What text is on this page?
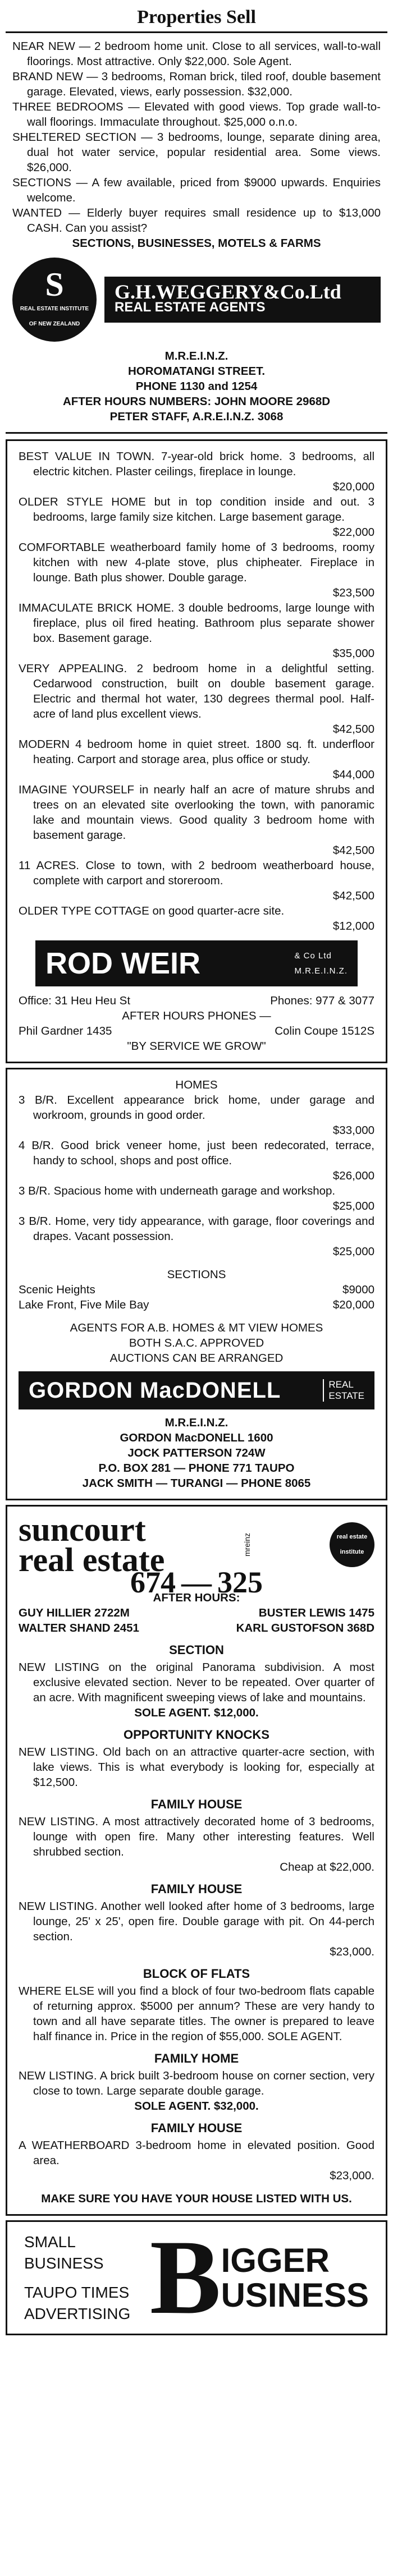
Properties Sell

NEAR NEW — 2 bedroom home unit. Close to all services, wall-to-wall floorings. Most attractive. Only $22,000. Sole Agent.

BRAND NEW — 3 bedrooms, Roman brick, tiled roof, double basement garage. Elevated, views, early possession. $32,000.

THREE BEDROOMS — Elevated with good views. Top grade wall-to-wall floorings. Immaculate throughout. $25,000 o.n.o.

SHELTERED SECTION — 3 bedrooms, lounge, separate dining area, dual hot water service, popular residential area. Some views. $26,000.

SECTIONS — A few available, priced from $9000 upwards. Enquiries welcome.

WANTED — Elderly buyer requires small residence up to $13,000 CASH. Can you assist?

SECTIONS, BUSINESSES, MOTELS & FARMS
S
REAL ESTATE INSTITUTE OF NEW ZEALAND
G.H.WEGGERY&Co.Ltd
REAL ESTATE AGENTS
M.R.E.I.N.Z.
HOROMATANGI STREET.
PHONE 1130 and 1254
AFTER HOURS NUMBERS: JOHN MOORE 2968D
PETER STAFF, A.R.E.I.N.Z. 3068

BEST VALUE IN TOWN. 7-year-old brick home. 3 bedrooms, all electric kitchen. Plaster ceilings, fireplace in lounge.

$20,000

OLDER STYLE HOME but in top condition inside and out. 3 bedrooms, large family size kitchen. Large basement garage.

$22,000

COMFORTABLE weatherboard family home of 3 bedrooms, roomy kitchen with new 4-plate stove, plus chipheater. Fireplace in lounge. Bath plus shower. Double garage.

$23,500

IMMACULATE BRICK HOME. 3 double bedrooms, large lounge with fireplace, plus oil fired heating. Bathroom plus separate shower box. Basement garage.

$35,000

VERY APPEALING. 2 bedroom home in a delightful setting. Cedarwood construction, built on double basement garage. Electric and thermal hot water, 130 degrees thermal pool. Half-acre of land plus excellent views.

$42,500

MODERN 4 bedroom home in quiet street. 1800 sq. ft. underfloor heating. Carport and storage area, plus office or study.

$44,000

IMAGINE YOURSELF in nearly half an acre of mature shrubs and trees on an elevated site overlooking the town, with panoramic lake and mountain views. Good quality 3 bedroom home with basement garage.

$42,500

11 ACRES. Close to town, with 2 bedroom weatherboard house, complete with carport and storeroom.

$42,500

OLDER TYPE COTTAGE on good quarter-acre site.

$12,000
ROD WEIR	& Co Ltd
M.R.E.I.N.Z.
Office: 31 Heu Heu St	Phones: 977 & 3077
AFTER HOURS PHONES —
Phil Gardner 1435	Colin Coupe 1512S
"BY SERVICE WE GROW"
HOMES

3 B/R. Excellent appearance brick home, under garage and workroom, grounds in good order.

$33,000

4 B/R. Good brick veneer home, just been redecorated, terrace, handy to school, shops and post office.

$26,000

3 B/R. Spacious home with underneath garage and workshop.

$25,000

3 B/R. Home, very tidy appearance, with garage, floor coverings and drapes. Vacant possession.

$25,000
SECTIONS
Scenic Heights	$9000
Lake Front, Five Mile Bay	$20,000
AGENTS FOR A.B. HOMES & MT VIEW HOMES
BOTH S.A.C. APPROVED
AUCTIONS CAN BE ARRANGED
GORDON MacDONELL	REAL
ESTATE
M.R.E.I.N.Z.
GORDON MacDONELL 1600
JOCK PATTERSON 724W
P.O. BOX 281 — PHONE 771 TAUPO
JACK SMITH — TURANGI — PHONE 8065
suncourt
real estate	mreinz	real estate institute
674 — 325
AFTER HOURS:
GUY HILLIER 2722M	BUSTER LEWIS 1475
WALTER SHAND 2451	KARL GUSTOFSON 368D
SECTION

NEW LISTING on the original Panorama subdivision. A most exclusive elevated section. Never to be repeated. Over quarter of an acre. With magnificent sweeping views of lake and mountains.

SOLE AGENT. $12,000.
OPPORTUNITY KNOCKS

NEW LISTING. Old bach on an attractive quarter-acre section, with lake views. This is what everybody is looking for, especially at $12,500.

FAMILY HOUSE

NEW LISTING. A most attractively decorated home of 3 bedrooms, lounge with open fire. Many other interesting features. Well shrubbed section.

Cheap at $22,000.
FAMILY HOUSE

NEW LISTING. Another well looked after home of 3 bedrooms, large lounge, 25' x 25', open fire. Double garage with pit. On 44-perch section.

$23,000.
BLOCK OF FLATS

WHERE ELSE will you find a block of four two-bedroom flats capable of returning approx. $5000 per annum? These are very handy to town and all have separate titles. The owner is prepared to leave half finance in. Price in the region of $55,000. SOLE AGENT.

FAMILY HOME

NEW LISTING. A brick built 3-bedroom house on corner section, very close to town. Large separate double garage.

SOLE AGENT. $32,000.
FAMILY HOUSE

A WEATHERBOARD 3-bedroom home in elevated position. Good area.

$23,000.
MAKE SURE YOU HAVE YOUR HOUSE LISTED WITH US.
SMALL
BUSINESS
TAUPO TIMES
ADVERTISING B IGGER
USINESS
